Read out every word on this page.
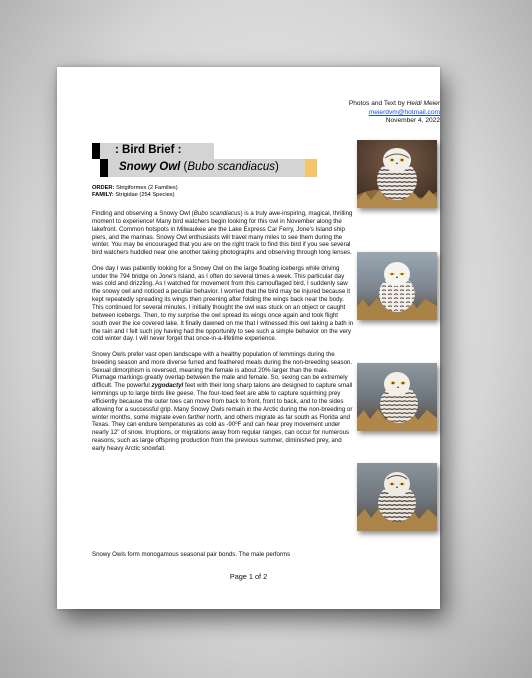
Photos and Text by Heidi Meier
meierdvm@hotmail.com
November 4, 2022
: Bird Brief :
Snowy Owl (Bubo scandiacus)
ORDER: Strigiformes (2 Families)
FAMILY: Strigidae (254 Species)

Finding and observing a Snowy Owl (Bubo scandiacus) is a truly awe-inspiring, magical, thrilling moment to experience! Many bird watchers begin looking for this owl in November along the lakefront. Common hotspots in Milwaukee are the Lake Express Car Ferry, Jone's Island ship piers, and the marinas. Snowy Owl enthusiasts will travel many miles to see them during the winter. You may be encouraged that you are on the right track to find this bird if you see several bird watchers huddled near one another taking photographs and observing through long lenses.

One day I was patiently looking for a Snowy Owl on the large floating icebergs while driving under the 794 bridge on Jone's Island, as I often do several times a week. This particular day was cold and drizzling. As I watched for movement from this camouflaged bird, I suddenly saw the snowy owl and noticed a peculiar behavior. I worried that the bird may be injured because it kept repeatedly spreading its wings then preening after folding the wings back near the body. This continued for several minutes. I initially thought the owl was stuck on an object or caught between icebergs. Then, to my surprise the owl spread its wings once again and took flight south over the ice covered lake. It finally dawned on me that I witnessed this owl taking a bath in the rain and I felt such joy having had the opportunity to see such a simple behavior on the very cold winter day. I will never forget that once-in-a-lifetime experience.

Snowy Owls prefer vast open landscape with a healthy population of lemmings during the breeding season and more diverse furred and feathered meals during the non-breeding season. Sexual dimorphism is reversed, meaning the female is about 20% larger than the male. Plumage markings greatly overlap between the male and female. So, sexing can be extremely difficult. The powerful zygodactyl feet with their long sharp talons are designed to capture small lemmings up to large birds like geese. The four-toed feet are able to capture squirming prey efficiently because the outer toes can move from back to front, front to back, and to the sides allowing for a successful grip. Many Snowy Owls remain in the Arctic during the non-breeding or winter months, some migrate even farther north, and others migrate as far south as Florida and Texas. They can endure temperatures as cold as -90ºF and can hear prey movement under nearly 12" of snow. Irruptions, or migrations away from regular ranges, can occur for numerous reasons, such as large offspring production from the previous summer, diminished prey, and early heavy Arctic snowfall.

Snowy Owls form monogamous seasonal pair bonds. The male performs

Page 1 of 2
